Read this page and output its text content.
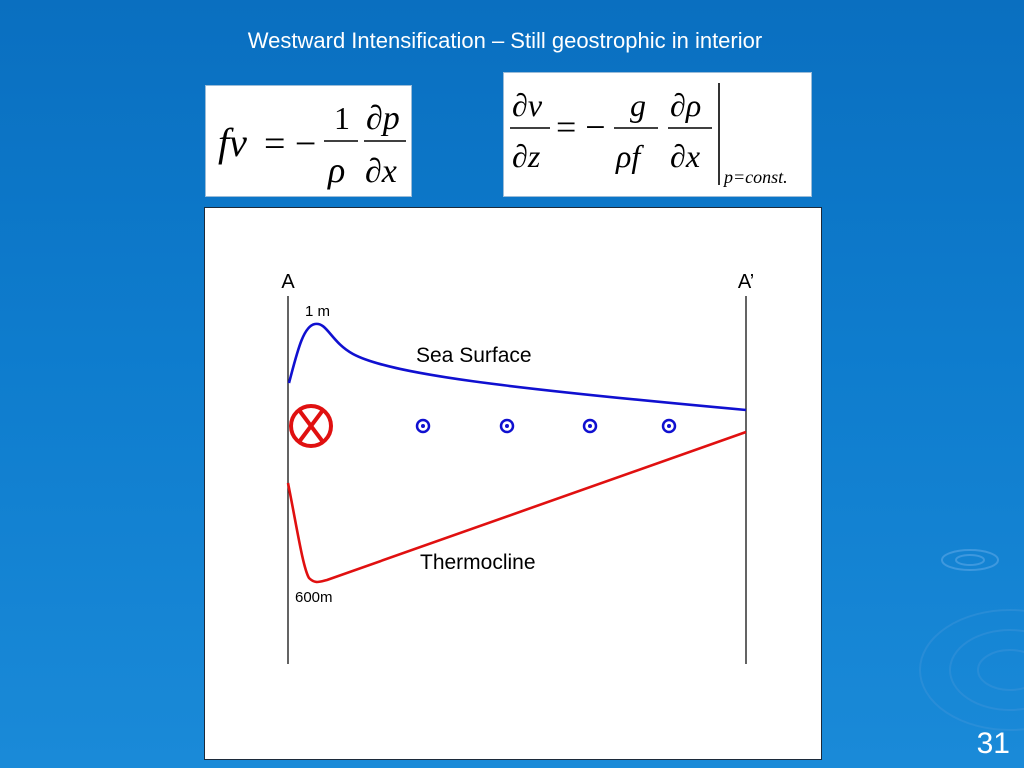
Westward Intensification – Still geostrophic in interior
fv = −
1
ρ
∂p
∂x
∂v
∂z
= −
g
ρf
∂ρ
∂x
p=const.
A	A’
1 m
Sea Surface
Thermocline
600m
31
